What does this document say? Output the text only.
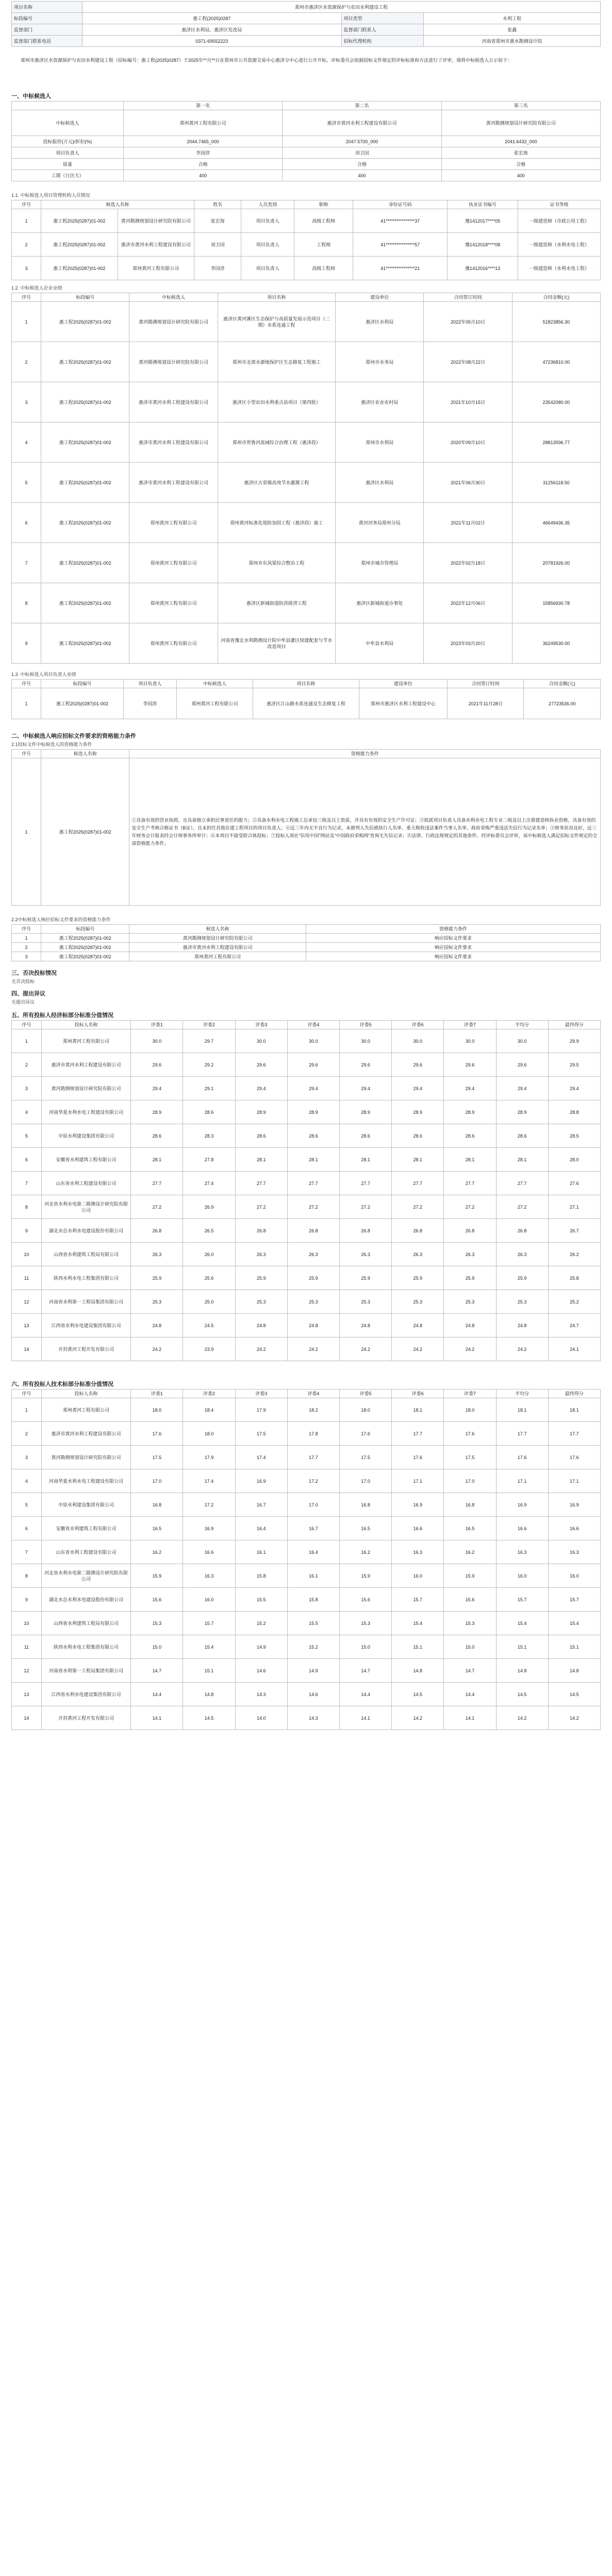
项目名称	郑州市惠济区水资源保护与农田水利建设工程		
标段编号	惠工程(2025)0287	项目类型	水利工程
监督部门	惠济区水利局、惠济区发改局	监督部门联系人	张鑫
监督部门联系电话	0371-69552223	招标代理机构	河南省郑州市惠水勘测设计院
郑州市惠济区水资源保护与农田水利建设工程（招标编号：惠工程(2025)0287）于2025年**月**日在郑州市公共资源交易中心惠济分中心进行公开开标，评标委员会依据招标文件规定的评标标准和方法进行了评审，现将中标候选人公示如下：
一、中标候选人
	第一名	第二名	第三名
中标候选人	郑州黄河工程有限公司	惠济市黄河水利工程建设有限公司	黄河勘测规划设计研究院有限公司
投标报价(万元)/折扣(%)	2044.7465_000	2047.5700_000	2041.6432_000
项目负责人	李国淳	刘卫国	张宏海
质量	合格	合格	合格
工期（日历天）	400	400	400
1.1. 中标候选人项目管理机构人员情况
序号	候选人名称		姓名	人员类别	职称	身份证号码	执业证书编号	证书等级
1	惠工程2025(0287)01-002	黄河勘测规划设计研究院有限公司	张宏海	项目负责人	高级工程师	41****************37	豫1412017****05	一级建造师（市政公用工程）
2	惠工程2025(0287)01-002	惠济市黄河水利工程建设有限公司	刘卫国	项目负责人	工程师	41****************57	豫1412018****08	一级建造师（水利水电工程）
3	惠工程2025(0287)01-002	郑州黄河工程有限公司	李国淳	项目负责人	高级工程师	41****************21	豫1412016****13	一级建造师（水利水电工程）
1.2. 中标候选人企业业绩
序号	标段编号	中标候选人	项目名称	建设单位	合同签订时间	合同金额(元)
1	惠工程2025(0287)01-002	黄河勘测规划设计研究院有限公司	惠济区黄河滩区生态保护与高质量发展示范项目（二期）水系连通工程	惠济区水利局	2022年05月10日	51823856.30
2	惠工程2025(0287)01-002	黄河勘测规划设计研究院有限公司	郑州市北郊水源地保护区生态修复工程施工	郑州市水务局	2022年08月22日	47236810.00
3	惠工程2025(0287)01-002	惠济市黄河水利工程建设有限公司	惠济区小型农田水利重点县项目（第四批）	惠济区农业农村局	2021年10月15日	23542080.00
4	惠工程2025(0287)01-002	惠济市黄河水利工程建设有限公司	郑州市贾鲁河流域综合治理工程（惠济段）	郑州市水利局	2020年09月10日	28813596.77
5	惠工程2025(0287)01-002	惠济市黄河水利工程建设有限公司	惠济区古荥镇高效节水灌溉工程	惠济区水利局	2021年06月30日	31256118.50
6	惠工程2025(0287)01-002	郑州黄河工程有限公司	郑州黄河标准化堤防加固工程（惠济段）施工	黄河河务局郑州分局	2021年11月02日	46649436.35
7	惠工程2025(0287)01-002	郑州黄河工程有限公司	郑州市东风渠综合整治工程	郑州市城市管理局	2022年02月18日	20781926.00
8	惠工程2025(0287)01-002	郑州黄河工程有限公司	惠济区新城街道防洪排涝工程	惠济区新城街道办事处	2022年12月06日	15856930.78
9	惠工程2025(0287)01-002	郑州黄河工程有限公司	河南省豫北水利勘测设计院中牟县灌区续建配套与节水改造项目	中牟县水利局	2023年03月20日	36249530.00
1.3. 中标候选人项目负责人业绩
序号	标段编号	项目负责人	中标候选人	项目名称	建设单位	合同签订时间	合同金额(元)
1	惠工程2025(0287)01-002	李国淳	郑州黄河工程有限公司	惠济区江山路水系连通及生态修复工程	郑州市惠济区水利工程建设中心	2021年11月28日	27723536.00
二、中标候选人响应招标文件要求的资格能力条件
2.1投标文件中标候选人的资格能力条件
序号	候选人名称	资格能力条件
1	惠工程2025(0287)01-002	①具备有效的营业执照，且具备独立承担民事责任的能力；②具备水利水电工程施工总承包三级及以上资质，并具有有效的安全生产许可证；③拟派项目负责人具备水利水电工程专业二级及以上注册建造师执业资格，具备有效的安全生产考核合格证书（B证），且未担任其他在建工程项目的项目负责人；④近三年内无不良行为记录，未被列入失信被执行人名单、重大税收违法案件当事人名单、政府采购严重违法失信行为记录名单；⑤财务状况良好，近三年财务会计报表经会计师事务所审计；⑥本项目不接受联合体投标；⑦投标人须在“信用中国”网站及“中国政府采购网”查询无失信记录；⑧法律、行政法规规定的其他条件。经评标委员会评审，该中标候选人满足招标文件规定的全部资格能力条件。
2.2中标候选人响应招标文件要求的资格能力条件
序号	标段编号	候选人名称	资格能力条件
1	惠工程2025(0287)01-002	黄河勘测规划设计研究院有限公司	响应招标文件要求
2	惠工程2025(0287)01-002	惠济市黄河水利工程建设有限公司	响应招标文件要求
3	惠工程2025(0287)01-002	郑州黄河工程有限公司	响应招标文件要求
三、否决投标情况
无否决投标
四、提出异议
无提出异议
五、所有投标人经济标部分标准分值情况
序号	投标人名称	评委1	评委2	评委3	评委4	评委5	评委6	评委7	平均分	最终得分
1	郑州黄河工程有限公司	30.0	29.7	30.0	30.0	30.0	30.0	30.0	30.0	29.9
2	惠济市黄河水利工程建设有限公司	29.6	29.2	29.6	29.6	29.6	29.6	29.6	29.6	29.5
3	黄河勘测规划设计研究院有限公司	29.4	29.1	29.4	29.4	29.4	29.4	29.4	29.4	29.4
4	河南华夏水利水电工程建设有限公司	28.9	28.6	28.9	28.9	28.9	28.9	28.9	28.9	28.8
5	中原水利建设集团有限公司	28.6	28.3	28.6	28.6	28.6	28.6	28.6	28.6	28.5
6	安徽省水利建筑工程有限公司	28.1	27.8	28.1	28.1	28.1	28.1	28.1	28.1	28.0
7	山东省水利工程建设有限公司	27.7	27.4	27.7	27.7	27.7	27.7	27.7	27.7	27.6
8	河北省水利水电第二勘测设计研究院有限公司	27.2	26.9	27.2	27.2	27.2	27.2	27.2	27.2	27.1
9	湖北水总水利水电建设股份有限公司	26.8	26.5	26.8	26.8	26.8	26.8	26.8	26.8	26.7
10	山西省水利建筑工程局有限公司	26.3	26.0	26.3	26.3	26.3	26.3	26.3	26.3	26.2
11	陕西水利水电工程集团有限公司	25.9	25.6	25.9	25.9	25.9	25.9	25.9	25.9	25.8
12	河南省水利第一工程局集团有限公司	25.3	25.0	25.3	25.3	25.3	25.3	25.3	25.3	25.2
13	江西省水利水电建设集团有限公司	24.8	24.5	24.8	24.8	24.8	24.8	24.8	24.8	24.7
14	开封黄河工程开发有限公司	24.2	23.9	24.2	24.2	24.2	24.2	24.2	24.2	24.1
六、所有投标人技术标部分标准分值情况
序号	投标人名称	评委1	评委2	评委3	评委4	评委5	评委6	评委7	平均分	最终得分
1	郑州黄河工程有限公司	18.0	18.4	17.9	18.2	18.0	18.1	18.0	18.1	18.1
2	惠济市黄河水利工程建设有限公司	17.6	18.0	17.5	17.8	17.6	17.7	17.6	17.7	17.7
3	黄河勘测规划设计研究院有限公司	17.5	17.9	17.4	17.7	17.5	17.6	17.5	17.6	17.6
4	河南华夏水利水电工程建设有限公司	17.0	17.4	16.9	17.2	17.0	17.1	17.0	17.1	17.1
5	中原水利建设集团有限公司	16.8	17.2	16.7	17.0	16.8	16.9	16.8	16.9	16.9
6	安徽省水利建筑工程有限公司	16.5	16.9	16.4	16.7	16.5	16.6	16.5	16.6	16.6
7	山东省水利工程建设有限公司	16.2	16.6	16.1	16.4	16.2	16.3	16.2	16.3	16.3
8	河北省水利水电第二勘测设计研究院有限公司	15.9	16.3	15.8	16.1	15.9	16.0	15.9	16.0	16.0
9	湖北水总水利水电建设股份有限公司	15.6	16.0	15.5	15.8	15.6	15.7	15.6	15.7	15.7
10	山西省水利建筑工程局有限公司	15.3	15.7	15.2	15.5	15.3	15.4	15.3	15.4	15.4
11	陕西水利水电工程集团有限公司	15.0	15.4	14.9	15.2	15.0	15.1	15.0	15.1	15.1
12	河南省水利第一工程局集团有限公司	14.7	15.1	14.6	14.9	14.7	14.8	14.7	14.8	14.8
13	江西省水利水电建设集团有限公司	14.4	14.8	14.3	14.6	14.4	14.5	14.4	14.5	14.5
14	开封黄河工程开发有限公司	14.1	14.5	14.0	14.3	14.1	14.2	14.1	14.2	14.2
